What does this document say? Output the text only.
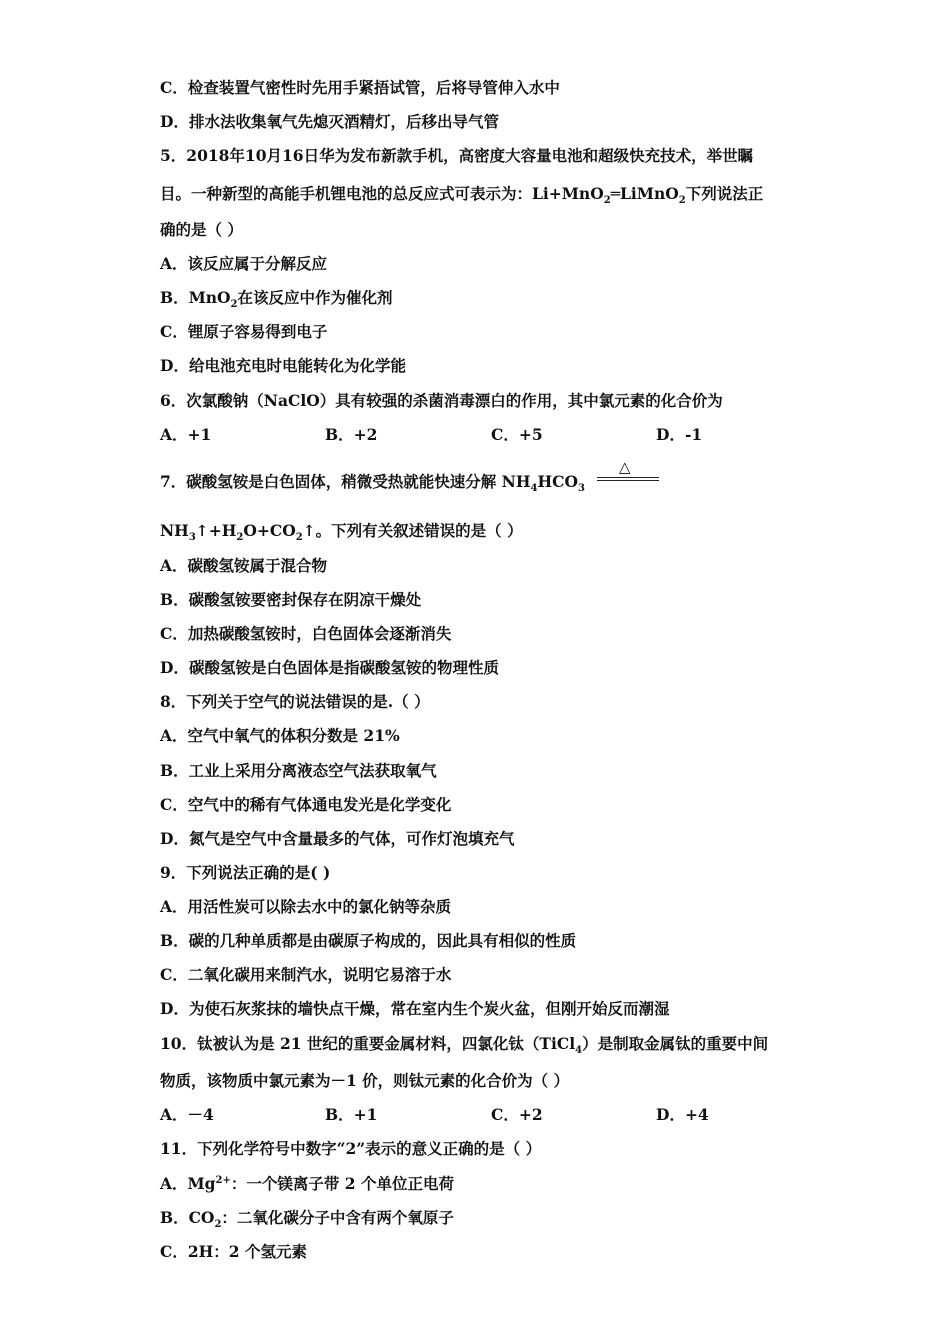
C．检查装置气密性时先用手紧捂试管，后将导管伸入水中
D．排水法收集氧气先熄灭酒精灯，后移出导气管
5．2018年10月16日华为发布新款手机，高密度大容量电池和超级快充技术，举世瞩
目。一种新型的高能手机锂电池的总反应式可表示为：Li+MnO$_2$═LiMnO$_2$下列说法正
确的是（ ）
A．该反应属于分解反应
B．MnO$_2$在该反应中作为催化剂
C．锂原子容易得到电子
D．给电池充电时电能转化为化学能
6．次氯酸钠（NaClO）具有较强的杀菌消毒漂白的作用，其中氯元素的化合价为
A．+1	B．+2	C．+5	D．-1
7．碳酸氢铵是白色固体，稍微受热就能快速分解 $NH_4HCO_3$
△
$NH_3↑+H_2O+CO_2↑$。下列有关叙述错误的是（ ）
A．碳酸氢铵属于混合物
B．碳酸氢铵要密封保存在阴凉干燥处
C．加热碳酸氢铵时，白色固体会逐渐消失
D．碳酸氢铵是白色固体是指碳酸氢铵的物理性质
8．下列关于空气的说法错误的是.（ ）
A．空气中氧气的体积分数是 21%
B．工业上采用分离液态空气法获取氧气
C．空气中的稀有气体通电发光是化学变化
D．氮气是空气中含量最多的气体，可作灯泡填充气
9．下列说法正确的是( )
A．用活性炭可以除去水中的氯化钠等杂质
B．碳的几种单质都是由碳原子构成的，因此具有相似的性质
C．二氧化碳用来制汽水，说明它易溶于水
D．为使石灰浆抹的墙快点干燥，常在室内生个炭火盆，但刚开始反而潮湿
10．钛被认为是 21 世纪的重要金属材料，四氯化钛（TiCl$_4$）是制取金属钛的重要中间
物质，该物质中氯元素为－1 价，则钛元素的化合价为（ ）
A．－4	B．+1	C．+2	D．+4
11．下列化学符号中数字“2”表示的意义正确的是（ ）
A．$Mg^{2+}$：一个镁离子带 2 个单位正电荷
B．$CO_2$：二氧化碳分子中含有两个氧原子
C．2H：2 个氢元素
